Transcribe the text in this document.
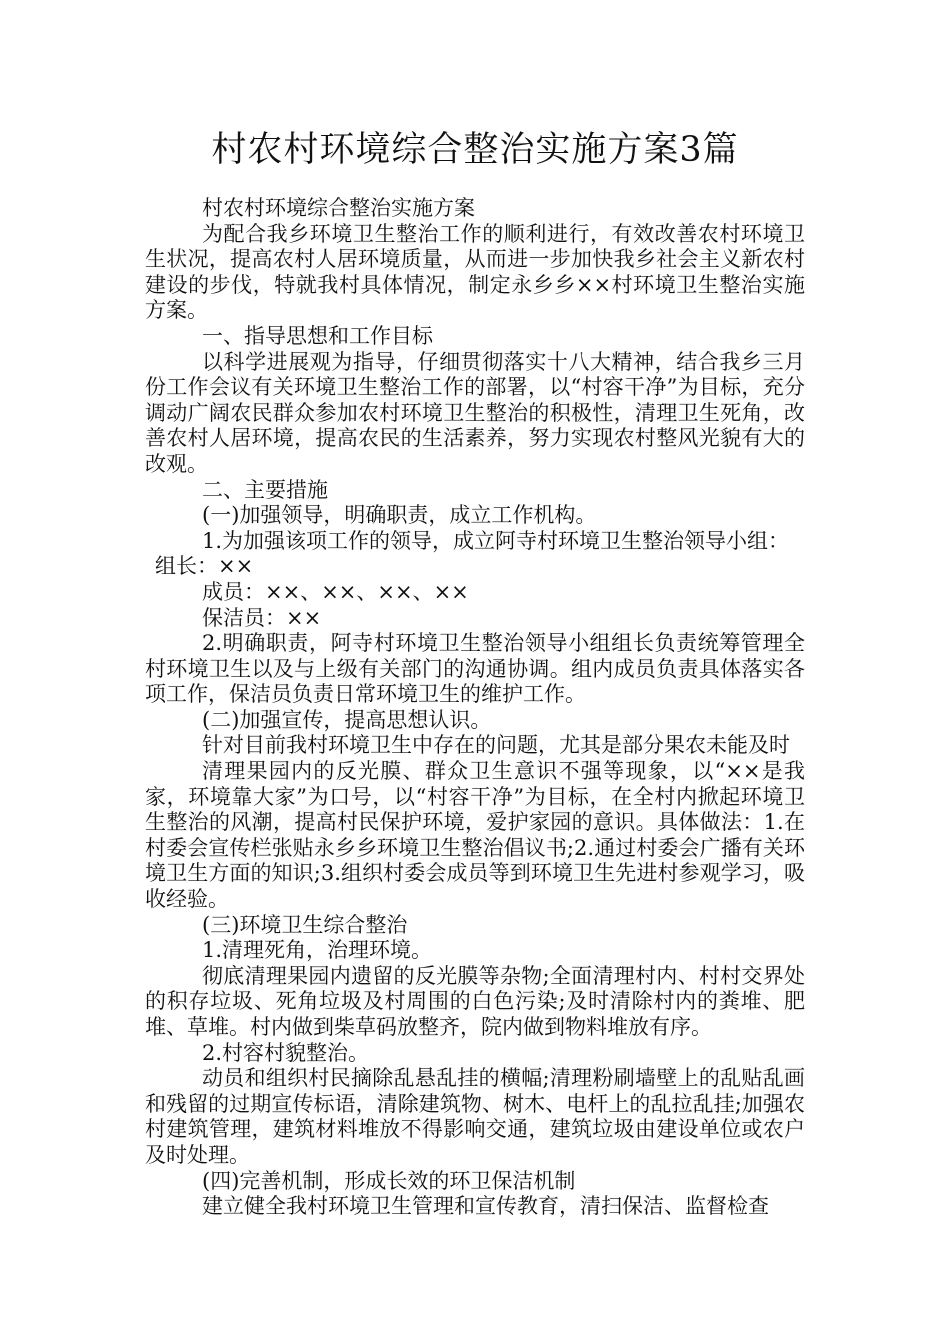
村农村环境综合整治实施方案3篇

村农村环境综合整治实施方案

为配合我乡环境卫生整治工作的顺利进行，有效改善农村环境卫生状况，提高农村人居环境质量，从而进一步加快我乡社会主义新农村建设的步伐，特就我村具体情况，制定永乡乡××村环境卫生整治实施方案。

一、指导思想和工作目标

以科学进展观为指导，仔细贯彻落实十八大精神，结合我乡三月份工作会议有关环境卫生整治工作的部署，以“村容干净”为目标，充分调动广阔农民群众参加农村环境卫生整治的积极性，清理卫生死角，改善农村人居环境，提高农民的生活素养，努力实现农村整风光貌有大的改观。

二、主要措施

(一)加强领导，明确职责，成立工作机构。

1.为加强该项工作的领导，成立阿寺村环境卫生整治领导小组：

组长：××

成员：××、××、××、××

保洁员：××

2.明确职责，阿寺村环境卫生整治领导小组组长负责统筹管理全村环境卫生以及与上级有关部门的沟通协调。组内成员负责具体落实各项工作，保洁员负责日常环境卫生的维护工作。

(二)加强宣传，提高思想认识。

针对目前我村环境卫生中存在的问题，尤其是部分果农未能及时

清理果园内的反光膜、群众卫生意识不强等现象，以“××是我家，环境靠大家”为口号，以“村容干净”为目标，在全村内掀起环境卫生整治的风潮，提高村民保护环境，爱护家园的意识。具体做法：1.在村委会宣传栏张贴永乡乡环境卫生整治倡议书;2.通过村委会广播有关环境卫生方面的知识;3.组织村委会成员等到环境卫生先进村参观学习，吸收经验。

(三)环境卫生综合整治

1.清理死角，治理环境。

彻底清理果园内遗留的反光膜等杂物;全面清理村内、村村交界处的积存垃圾、死角垃圾及村周围的白色污染;及时清除村内的粪堆、肥堆、草堆。村内做到柴草码放整齐，院内做到物料堆放有序。

2.村容村貌整治。

动员和组织村民摘除乱悬乱挂的横幅;清理粉刷墙壁上的乱贴乱画和残留的过期宣传标语，清除建筑物、树木、电杆上的乱拉乱挂;加强农村建筑管理，建筑材料堆放不得影响交通，建筑垃圾由建设单位或农户及时处理。

(四)完善机制，形成长效的环卫保洁机制

建立健全我村环境卫生管理和宣传教育，清扫保洁、监督检查
